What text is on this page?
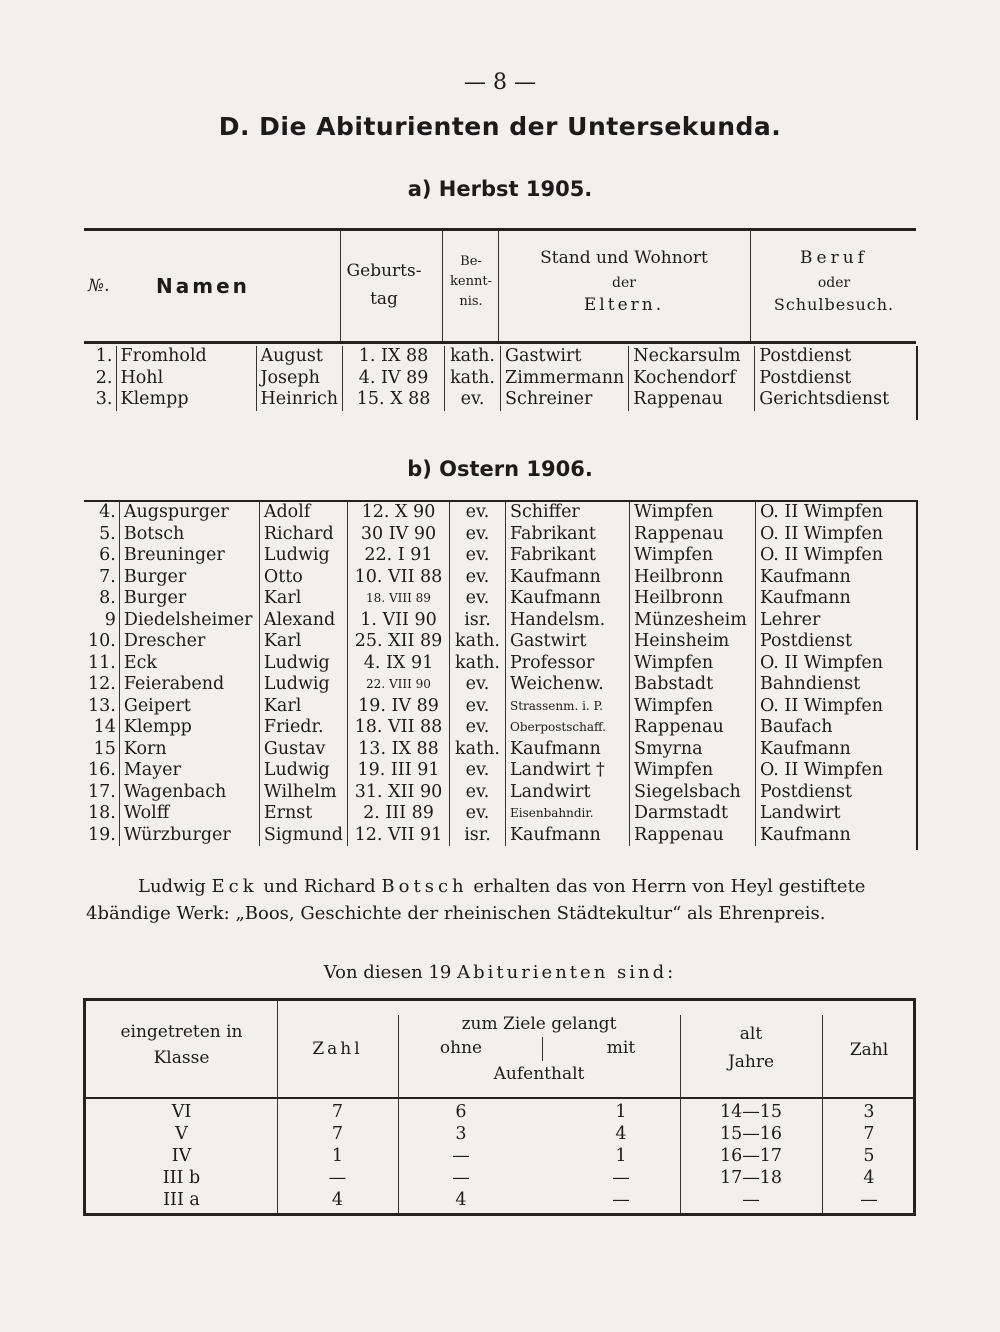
— 8 —
D. Die Abiturienten der Untersekunda.
a) Herbst 1905.
№. Namen
Geburts-
tag
Be-
kennt-
nis.
Stand und Wohnort
der
Eltern.
Beruf
oder
Schulbesuch.
1.	Fromhold	August	1. IX 88	kath.	Gastwirt	Neckarsulm	Postdienst
2.	Hohl	Joseph	4. IV 89	kath.	Zimmermann	Kochendorf	Postdienst
3.	Klempp	Heinrich	15. X 88	ev.	Schreiner	Rappenau	Gerichtsdienst
b) Ostern 1906.
4.	Augspurger	Adolf	12. X 90	ev.	Schiffer	Wimpfen	O. II Wimpfen
5.	Botsch	Richard	30 IV 90	ev.	Fabrikant	Rappenau	O. II Wimpfen
6.	Breuninger	Ludwig	22. I 91	ev.	Fabrikant	Wimpfen	O. II Wimpfen
7.	Burger	Otto	10. VII 88	ev.	Kaufmann	Heilbronn	Kaufmann
8.	Burger	Karl	18. VIII 89	ev.	Kaufmann	Heilbronn	Kaufmann
9	Diedelsheimer	Alexand	1. VII 90	isr.	Handelsm.	Münzesheim	Lehrer
10.	Drescher	Karl	25. XII 89	kath.	Gastwirt	Heinsheim	Postdienst
11.	Eck	Ludwig	4. IX 91	kath.	Professor	Wimpfen	O. II Wimpfen
12.	Feierabend	Ludwig	22. VIII 90	ev.	Weichenw.	Babstadt	Bahndienst
13.	Geipert	Karl	19. IV 89	ev.	Strassenm. i. P.	Wimpfen	O. II Wimpfen
14	Klempp	Friedr.	18. VII 88	ev.	Oberpostschaff.	Rappenau	Baufach
15	Korn	Gustav	13. IX 88	kath.	Kaufmann	Smyrna	Kaufmann
16.	Mayer	Ludwig	19. III 91	ev.	Landwirt †	Wimpfen	O. II Wimpfen
17.	Wagenbach	Wilhelm	31. XII 90	ev.	Landwirt	Siegelsbach	Postdienst
18.	Wolff	Ernst	2. III 89	ev.	Eisenbahndir.	Darmstadt	Landwirt
19.	Würzburger	Sigmund	12. VII 91	isr.	Kaufmann	Rappenau	Kaufmann
Ludwig Eck und Richard Botsch erhalten das von Herrn von Heyl gestiftete
4bändige Werk: „Boos, Geschichte der rheinischen Städtekultur“ als Ehrenpreis.
Von diesen 19 Abiturienten sind:
eingetreten in
Klasse	Zahl
zum Ziele gelangt
ohne	mit
Aufenthalt
alt
Jahre
Zahl
VI	7	6	1	14—15	3
V	7	3	4	15—16	7
IV	1	—	1	16—17	5
III b	—	—	—	17—18	4
III a	4	4	—	—	—
